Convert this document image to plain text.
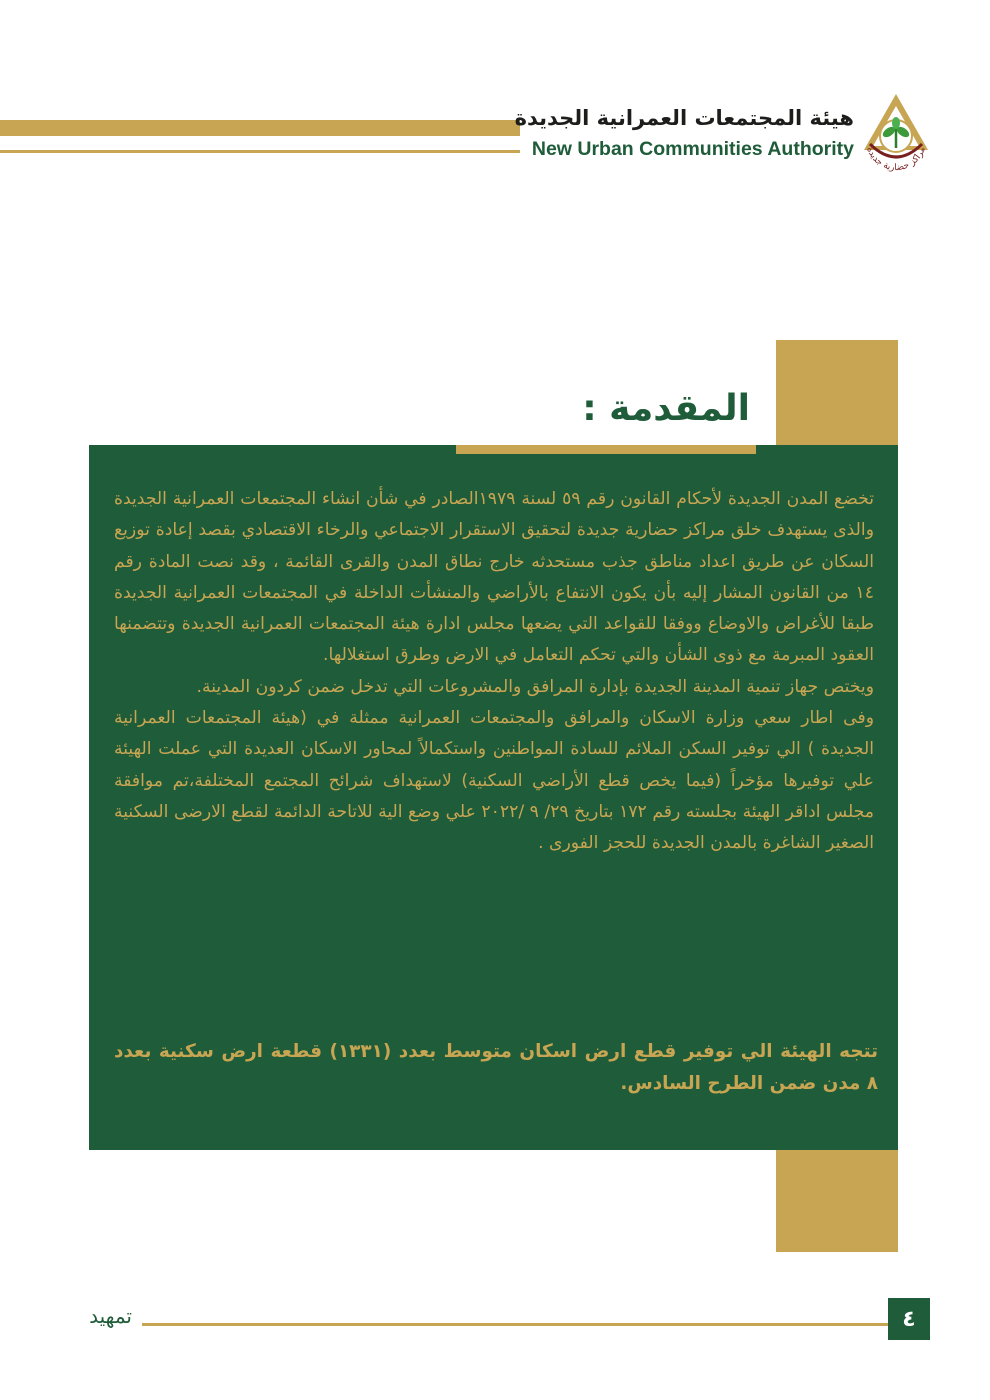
هيئة المجتمعات العمرانية الجديدة
New Urban Communities Authority مراكز حضارية جديدة
المقدمة :

تخضع المدن الجديدة لأحكام القانون رقم ٥٩ لسنة ١٩٧٩الصادر في شأن انشاء المجتمعات العمرانية الجديدة والذى يستهدف خلق مراكز حضارية جديدة لتحقيق الاستقرار الاجتماعي والرخاء الاقتصادي بقصد إعادة توزيع السكان عن طريق اعداد مناطق جذب مستحدثه خارج نطاق المدن والقرى القائمة ، وقد نصت المادة رقم ١٤ من القانون المشار إليه بأن يكون الانتفاع بالأراضي والمنشأت الداخلة في المجتمعات العمرانية الجديدة طبقا للأغراض والاوضاع ووفقا للقواعد التي يضعها مجلس ادارة هيئة المجتمعات العمرانية الجديدة وتتضمنها العقود المبرمة مع ذوى الشأن والتي تحكم التعامل في الارض وطرق استغلالها.

ويختص جهاز تنمية المدينة الجديدة بإدارة المرافق والمشروعات التي تدخل ضمن كردون المدينة.

وفى اطار سعي وزارة الاسكان والمرافق والمجتمعات العمرانية ممثلة في (هيئة المجتمعات العمرانية الجديدة ) الي توفير السكن الملائم للسادة المواطنين واستكمالاً لمحاور الاسكان العديدة التي عملت الهيئة علي توفيرها مؤخراً (فيما يخص قطع الأراضي السكنية) لاستهداف شرائح المجتمع المختلفة،تم موافقة مجلس اداقر الهيئة بجلسته رقم ١٧٢ بتاريخ ٢٩/ ٩ /٢٠٢٢ علي وضع الية للاتاحة الدائمة لقطع الارضى السكنية الصغير الشاغرة بالمدن الجديدة للحجز الفورى .

تتجه الهيئة الي توفير قطع ارض اسكان متوسط بعدد (١٣٣١) قطعة ارض سكنية بعدد ٨ مدن ضمن الطرح السادس.
تمهيد	٤
